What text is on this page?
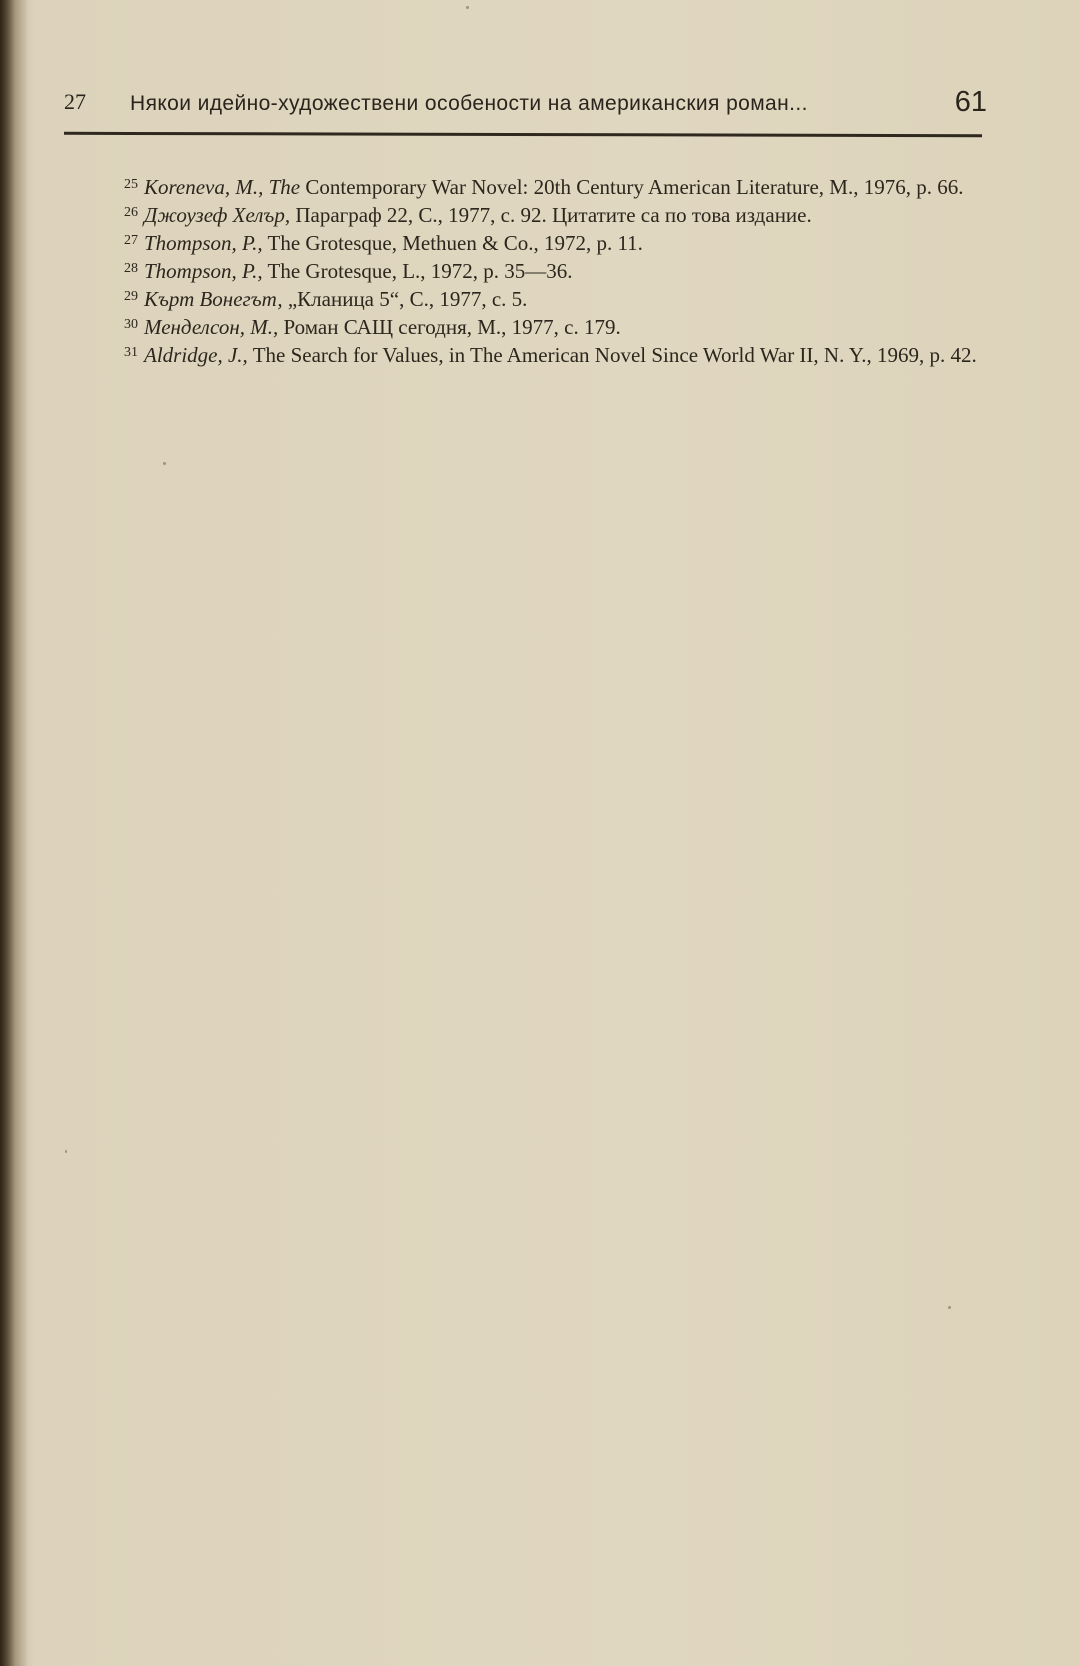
27 Някои идейно-художествени особености на американския роман...	61

$^{25}$ Koreneva, M., The Contemporary War Novel: 20th Century American Literature, M., 1976, p. 66.

$^{26}$ Джоузеф Хелър, Параграф 22, С., 1977, с. 92. Цитатите са по това издание.

$^{27}$ Thompson, P., The Grotesque, Methuen & Co., 1972, p. 11.

$^{28}$ Thompson, P., The Grotesque, L., 1972, p. 35—36.

$^{29}$ Кърт Вонегът, „Кланица 5“, С., 1977, с. 5.

$^{30}$ Менделсон, М., Роман САЩ сегодня, М., 1977, с. 179.

$^{31}$ Aldridge, J., The Search for Values, in The American Novel Since World War II, N. Y., 1969, p. 42.
